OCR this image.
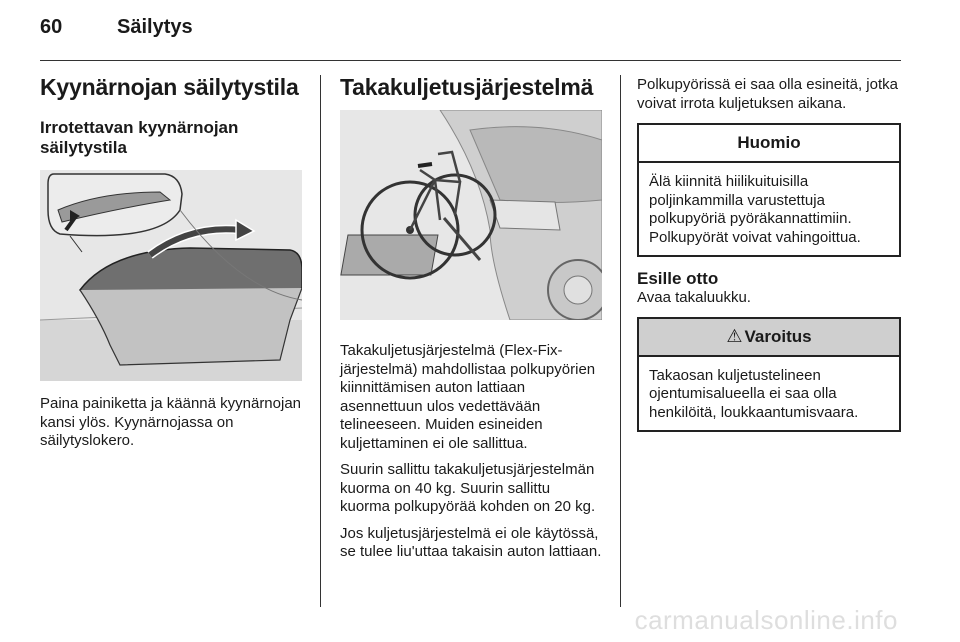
60	Säilytys
Kyynärnojan säilytystila
Irrotettavan kyynärnojan säilytystila

Paina painiketta ja käännä kyynärnojan kansi ylös. Kyynärnojassa on säilytyslokero.

Takakuljetusjärjestelmä

Takakuljetusjärjestelmä (Flex-Fix-järjestelmä) mahdollistaa polkupyörien kiinnittämisen auton lattiaan asennettuun ulos vedettävään telineeseen. Muiden esineiden kuljettaminen ei ole sallittua.

Suurin sallittu takakuljetusjärjestelmän kuorma on 40 kg. Suurin sallittu kuorma polkupyörää kohden on 20 kg.

Jos kuljetusjärjestelmä ei ole käytössä, se tulee liu'uttaa takaisin auton lattiaan.

Polkupyörissä ei saa olla esineitä, jotka voivat irrota kuljetuksen aikana.

Huomio

Älä kiinnitä hiilikuituisilla poljinkammilla varustettuja polkupyöriä pyöräkannattimiin. Polkupyörät voivat vahingoittua.

Esille otto

Avaa takaluukku.

⚠ Varoitus

Takaosan kuljetustelineen ojentumisalueella ei saa olla henkilöitä, loukkaantumisvaara.

carmanualsonline.info
